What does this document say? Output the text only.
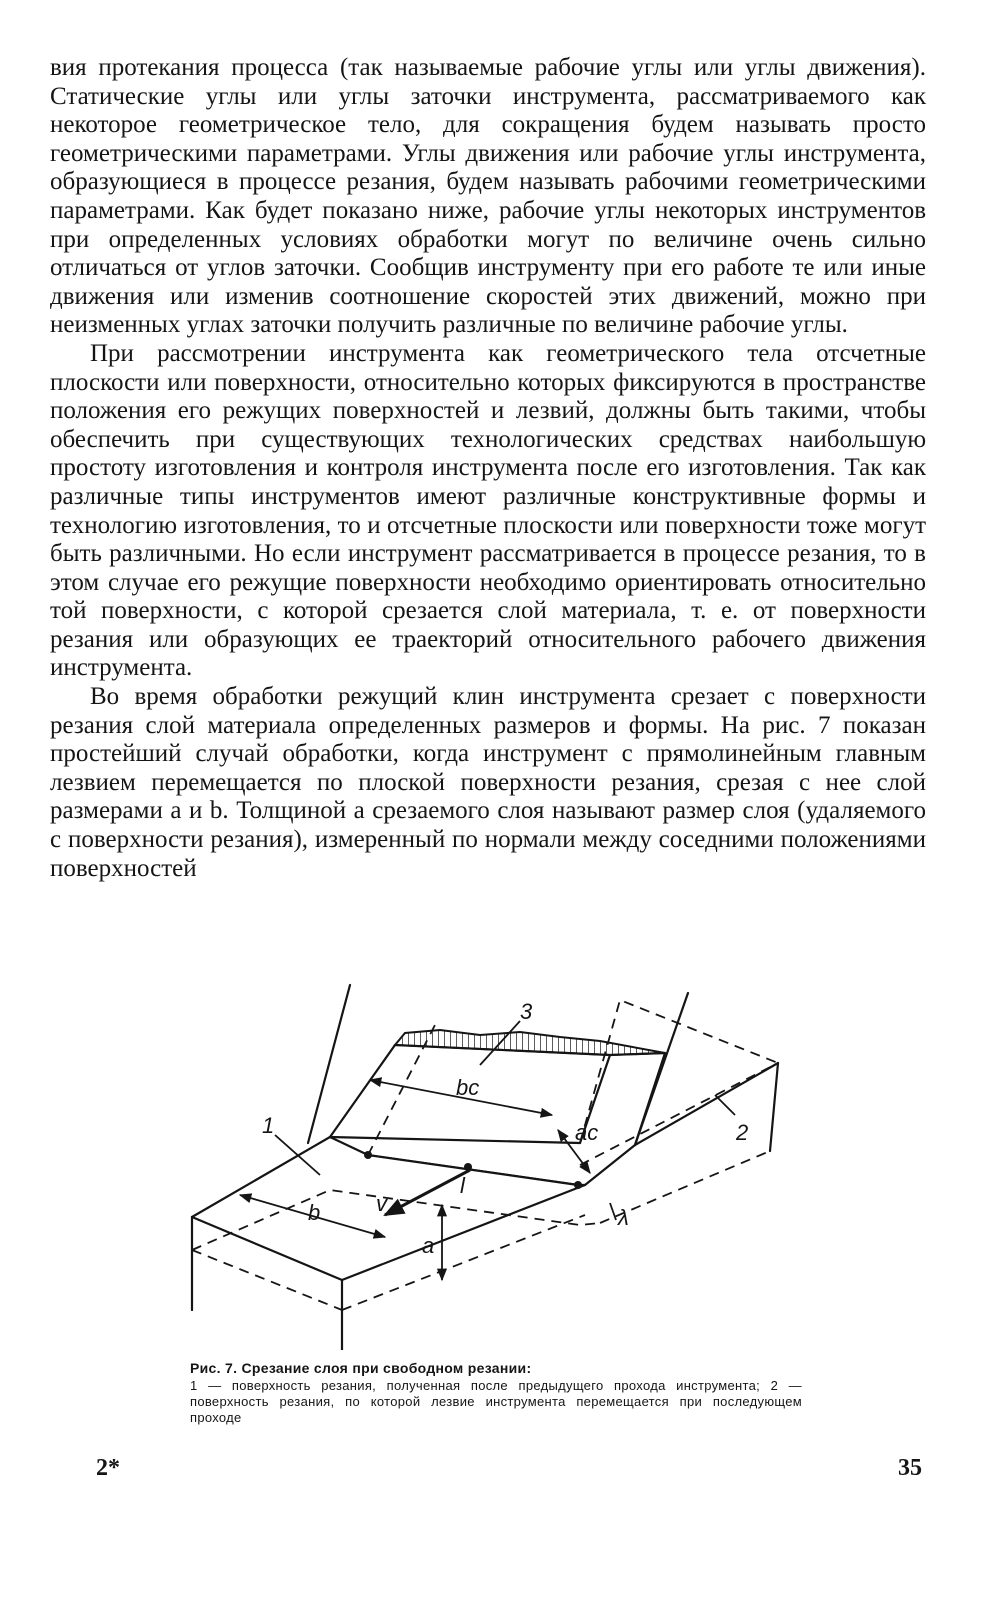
вия протекания процесса (так называемые рабочие углы или углы движения). Статические углы или углы заточки инструмента, рассматриваемого как некоторое геометрическое тело, для сокращения будем называть просто геометрическими параметрами. Углы движения или рабочие углы инструмента, образующиеся в процессе резания, будем называть рабочими геометрическими параметрами. Как будет показано ниже, рабочие углы некоторых инструментов при определенных условиях обработки могут по величине очень сильно отличаться от углов заточки. Сообщив инструменту при его работе те или иные движения или изменив соотношение скоростей этих движений, можно при неизменных углах заточки получить различные по величине рабочие углы.

При рассмотрении инструмента как геометрического тела отсчетные плоскости или поверхности, относительно которых фиксируются в пространстве положения его режущих поверхностей и лезвий, должны быть такими, чтобы обеспечить при существующих технологических средствах наибольшую простоту изготовления и контроля инструмента после его изготовления. Так как различные типы инструментов имеют различные конструктивные формы и технологию изготовления, то и отсчетные плоскости или поверхности тоже могут быть различными. Но если инструмент рассматривается в процессе резания, то в этом случае его режущие поверхности необходимо ориентировать относительно той поверхности, с которой срезается слой материала, т. е. от поверхности резания или образующих ее траекторий относительного рабочего движения инструмента.

Во время обработки режущий клин инструмента срезает с поверхности резания слой материала определенных размеров и формы. На рис. 7 показан простейший случай обработки, когда инструмент с прямолинейным главным лезвием перемещается по плоской поверхности резания, срезая с нее слой размерами a и b. Толщиной a срезаемого слоя называют размер слоя (удаляемого с поверхности резания), измеренный по нормали между соседними положениями поверхностей

1	2
3
bc
ac
b
a
v
l
λ
Рис. 7. Срезание слоя при свободном резании:
1 — поверхность резания, полученная после предыдущего прохода инструмента; 2 — поверхность резания, по которой лезвие инструмента перемещается при последующем проходе
2*	35
